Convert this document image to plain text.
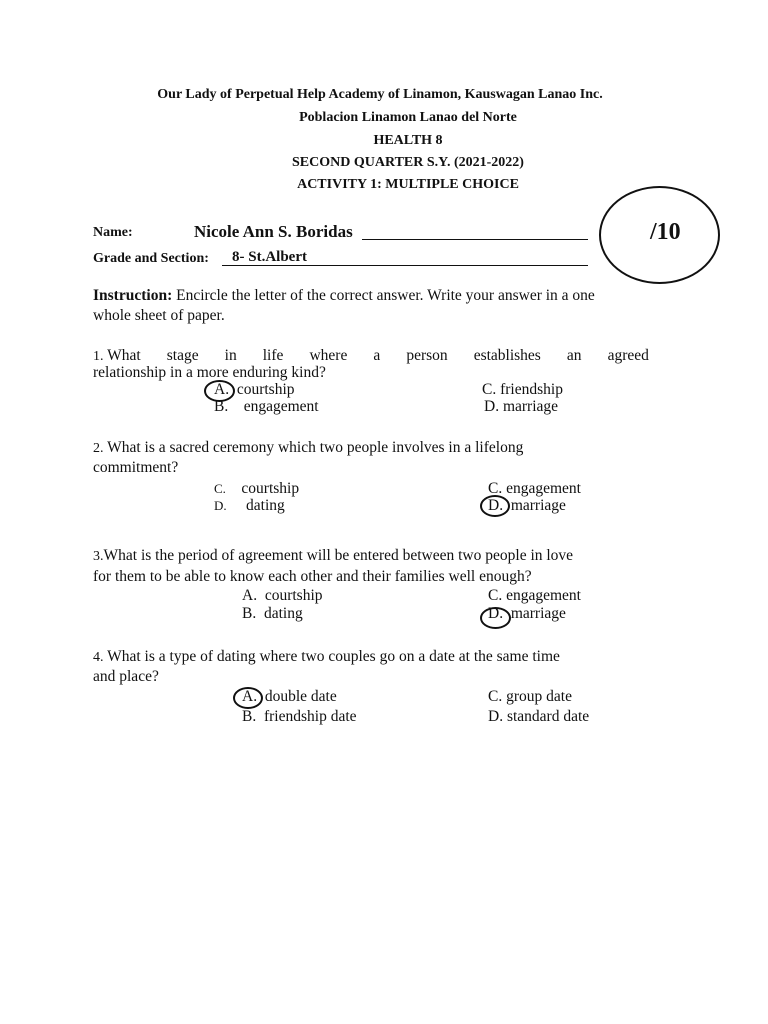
Our Lady of Perpetual Help Academy of Linamon, Kauswagan Lanao Inc.
Poblacion Linamon Lanao del Norte
HEALTH 8
SECOND QUARTER S.Y. (2021-2022)
ACTIVITY 1: MULTIPLE CHOICE
/10
Name:	Nicole Ann S. Boridas
Grade and Section: 8- St.Albert
Instruction: Encircle the letter of the correct answer. Write your answer in a one
whole sheet of paper.
1. What stage in life where a person establishes an agreed
relationship in a more enduring kind?
A. courtship	C. friendship
B. engagement	D. marriage
2. What is a sacred ceremony which two people involves in a lifelong
commitment?
C. courtship	C. engagement
D. dating	D. marriage
3.What is the period of agreement will be entered between two people in love
for them to be able to know each other and their families well enough?
A. courtship	C. engagement
B. dating	D. marriage
4. What is a type of dating where two couples go on a date at the same time
and place?
A. double date	C. group date
B. friendship date	D. standard date
